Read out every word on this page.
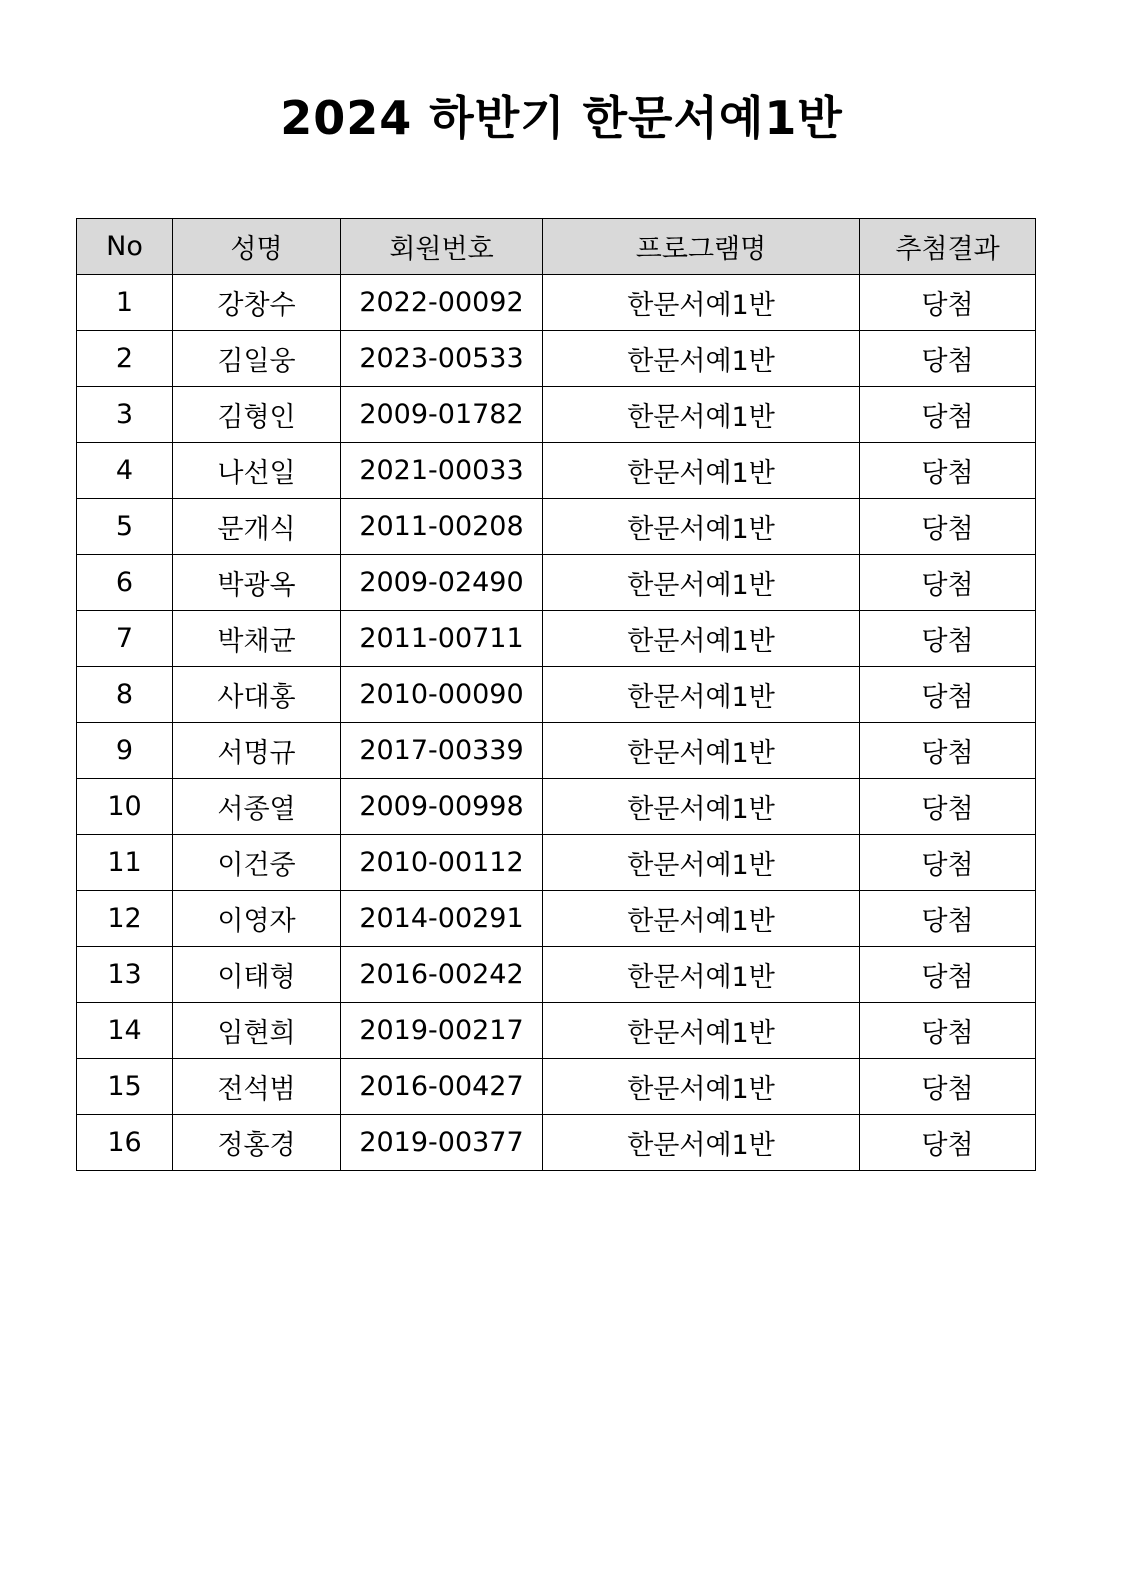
2024 하반기 한문서예1반
No	성명	회원번호	프로그램명	추첨결과
1	강창수	2022-00092	한문서예1반	당첨
2	김일웅	2023-00533	한문서예1반	당첨
3	김형인	2009-01782	한문서예1반	당첨
4	나선일	2021-00033	한문서예1반	당첨
5	문개식	2011-00208	한문서예1반	당첨
6	박광옥	2009-02490	한문서예1반	당첨
7	박채균	2011-00711	한문서예1반	당첨
8	사대홍	2010-00090	한문서예1반	당첨
9	서명규	2017-00339	한문서예1반	당첨
10	서종열	2009-00998	한문서예1반	당첨
11	이건중	2010-00112	한문서예1반	당첨
12	이영자	2014-00291	한문서예1반	당첨
13	이태형	2016-00242	한문서예1반	당첨
14	임현희	2019-00217	한문서예1반	당첨
15	전석범	2016-00427	한문서예1반	당첨
16	정홍경	2019-00377	한문서예1반	당첨
